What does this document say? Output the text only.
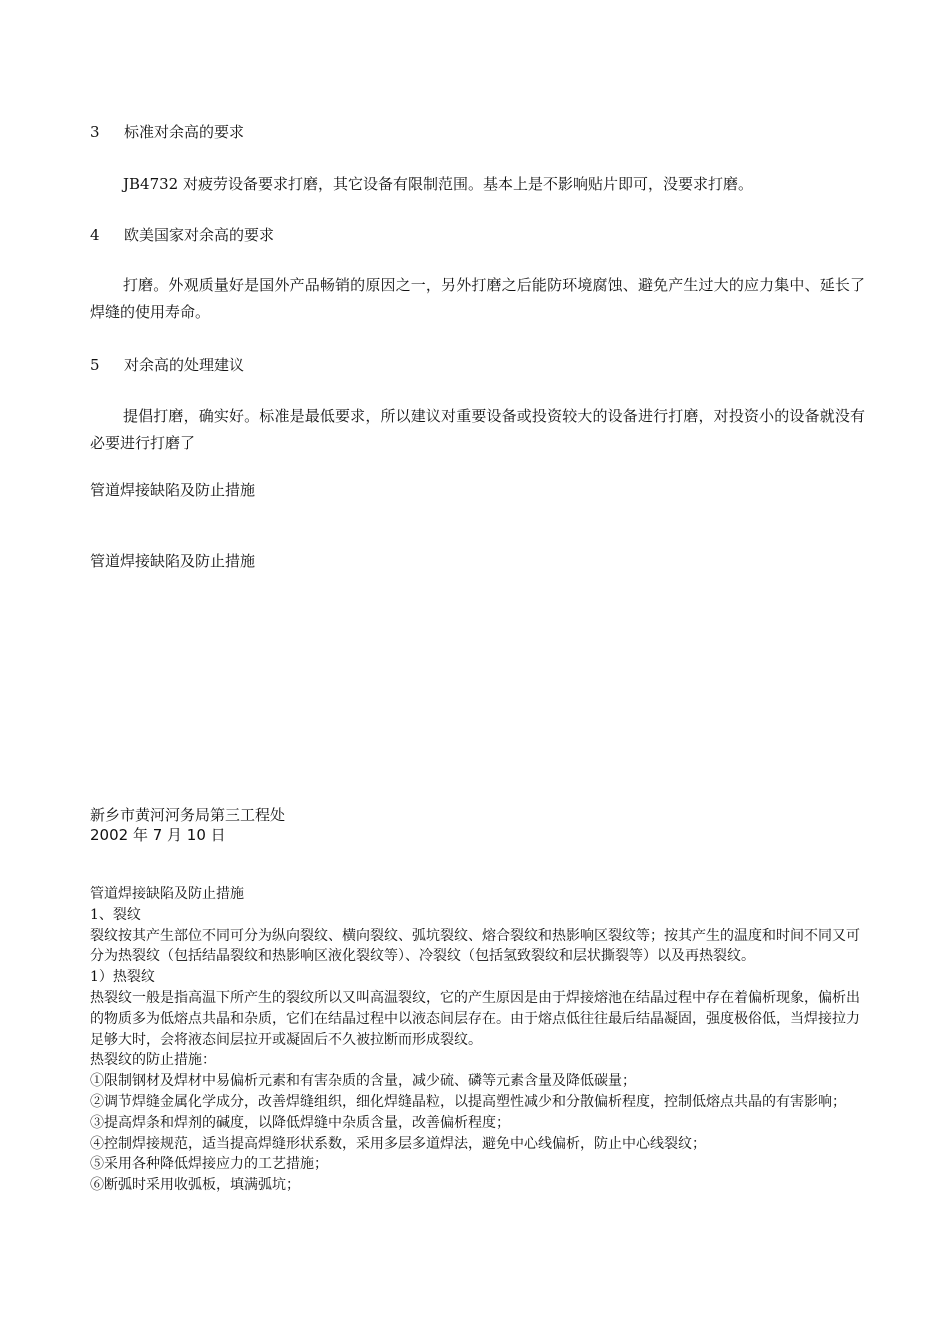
3 标准对余高的要求

JB4732 对疲劳设备要求打磨，其它设备有限制范围。基本上是不影响贴片即可，没要求打磨。

4 欧美国家对余高的要求

打磨。外观质量好是国外产品畅销的原因之一，另外打磨之后能防环境腐蚀、避免产生过大的应力集中、延长了焊缝的使用寿命。

5 对余高的处理建议

提倡打磨，确实好。标准是最低要求，所以建议对重要设备或投资较大的设备进行打磨，对投资小的设备就没有必要进行打磨了

管道焊接缺陷及防止措施
管道焊接缺陷及防止措施
新乡市黄河河务局第三工程处
2002 年 7 月 10 日

管道焊接缺陷及防止措施

1、裂纹

裂纹按其产生部位不同可分为纵向裂纹、横向裂纹、弧坑裂纹、熔合裂纹和热影响区裂纹等；按其产生的温度和时间不同又可分为热裂纹（包括结晶裂纹和热影响区液化裂纹等）、冷裂纹（包括氢致裂纹和层状撕裂等）以及再热裂纹。

1）热裂纹

热裂纹一般是指高温下所产生的裂纹所以又叫高温裂纹，它的产生原因是由于焊接熔池在结晶过程中存在着偏析现象，偏析出的物质多为低熔点共晶和杂质，它们在结晶过程中以液态间层存在。由于熔点低往往最后结晶凝固，强度极俗低，当焊接拉力足够大时，会将液态间层拉开或凝固后不久被拉断而形成裂纹。

热裂纹的防止措施：

①限制钢材及焊材中易偏析元素和有害杂质的含量，减少硫、磷等元素含量及降低碳量；

②调节焊缝金属化学成分，改善焊缝组织，细化焊缝晶粒，以提高塑性减少和分散偏析程度，控制低熔点共晶的有害影响；

③提高焊条和焊剂的碱度，以降低焊缝中杂质含量，改善偏析程度；

④控制焊接规范，适当提高焊缝形状系数，采用多层多道焊法，避免中心线偏析，防止中心线裂纹；

⑤采用各种降低焊接应力的工艺措施；

⑥断弧时采用收弧板，填满弧坑；
